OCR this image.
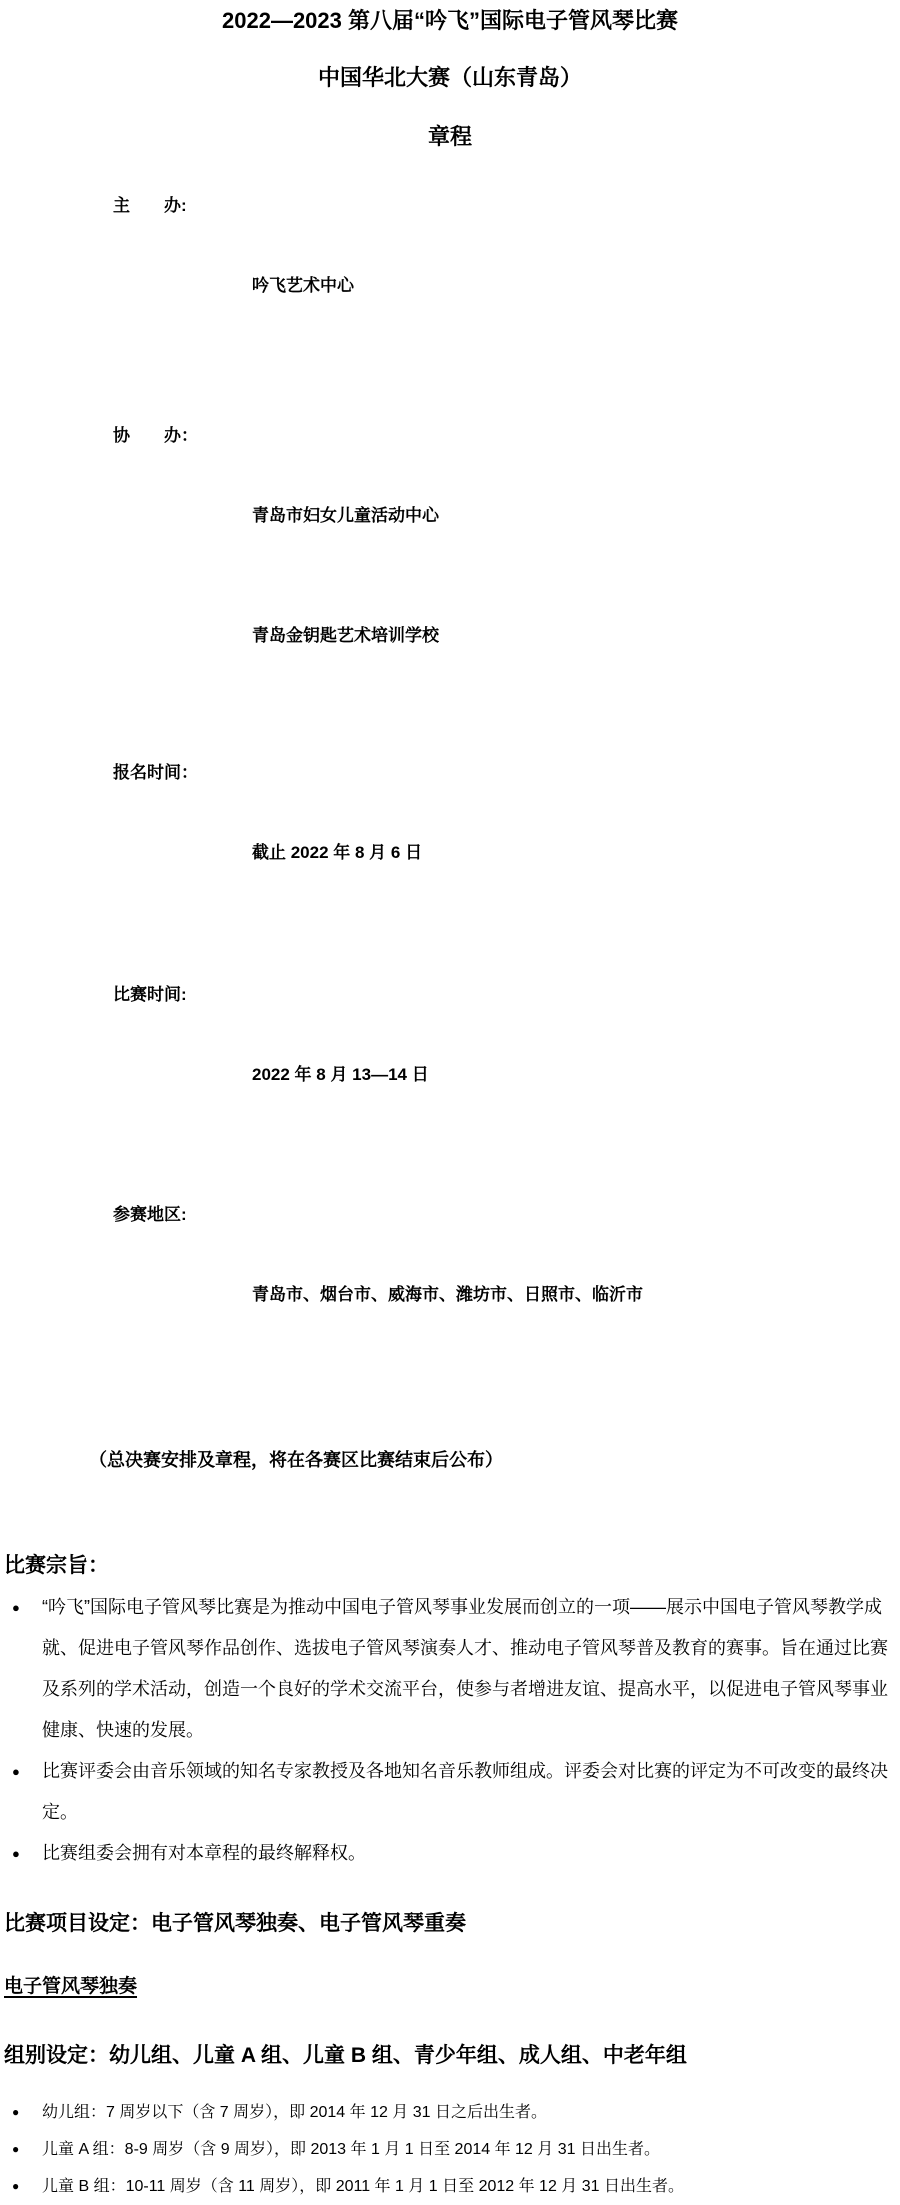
2022—2023 第八届“吟飞”国际电子管风琴比赛
中国华北大赛（山东青岛）
章程
主　　办:

吟飞艺术中心

协　　办：

青岛市妇女儿童活动中心

青岛金钥匙艺术培训学校

报名时间：

截止 2022 年 8 月 6 日

比赛时间:

2022 年 8 月 13—14 日

参赛地区:

青岛市、烟台市、威海市、潍坊市、日照市、临沂市

（总决赛安排及章程，将在各赛区比赛结束后公布）
比赛宗旨：
● “吟飞”国际电子管风琴比赛是为推动中国电子管风琴事业发展而创立的一项——展示中国电子管风琴教学成就、促进电子管风琴作品创作、选拔电子管风琴演奏人才、推动电子管风琴普及教育的赛事。旨在通过比赛及系列的学术活动，创造一个良好的学术交流平台，使参与者增进友谊、提高水平，以促进电子管风琴事业健康、快速的发展。
● 比赛评委会由音乐领域的知名专家教授及各地知名音乐教师组成。评委会对比赛的评定为不可改变的最终决定。
● 比赛组委会拥有对本章程的最终解释权。
比赛项目设定：电子管风琴独奏、电子管风琴重奏
电子管风琴独奏
组别设定：幼儿组、儿童 A 组、儿童 B 组、青少年组、成人组、中老年组
● 幼儿组：7 周岁以下（含 7 周岁），即 2014 年 12 月 31 日之后出生者。
● 儿童 A 组：8-9 周岁（含 9 周岁），即 2013 年 1 月 1 日至 2014 年 12 月 31 日出生者。
● 儿童 B 组：10-11 周岁（含 11 周岁），即 2011 年 1 月 1 日至 2012 年 12 月 31 日出生者。
